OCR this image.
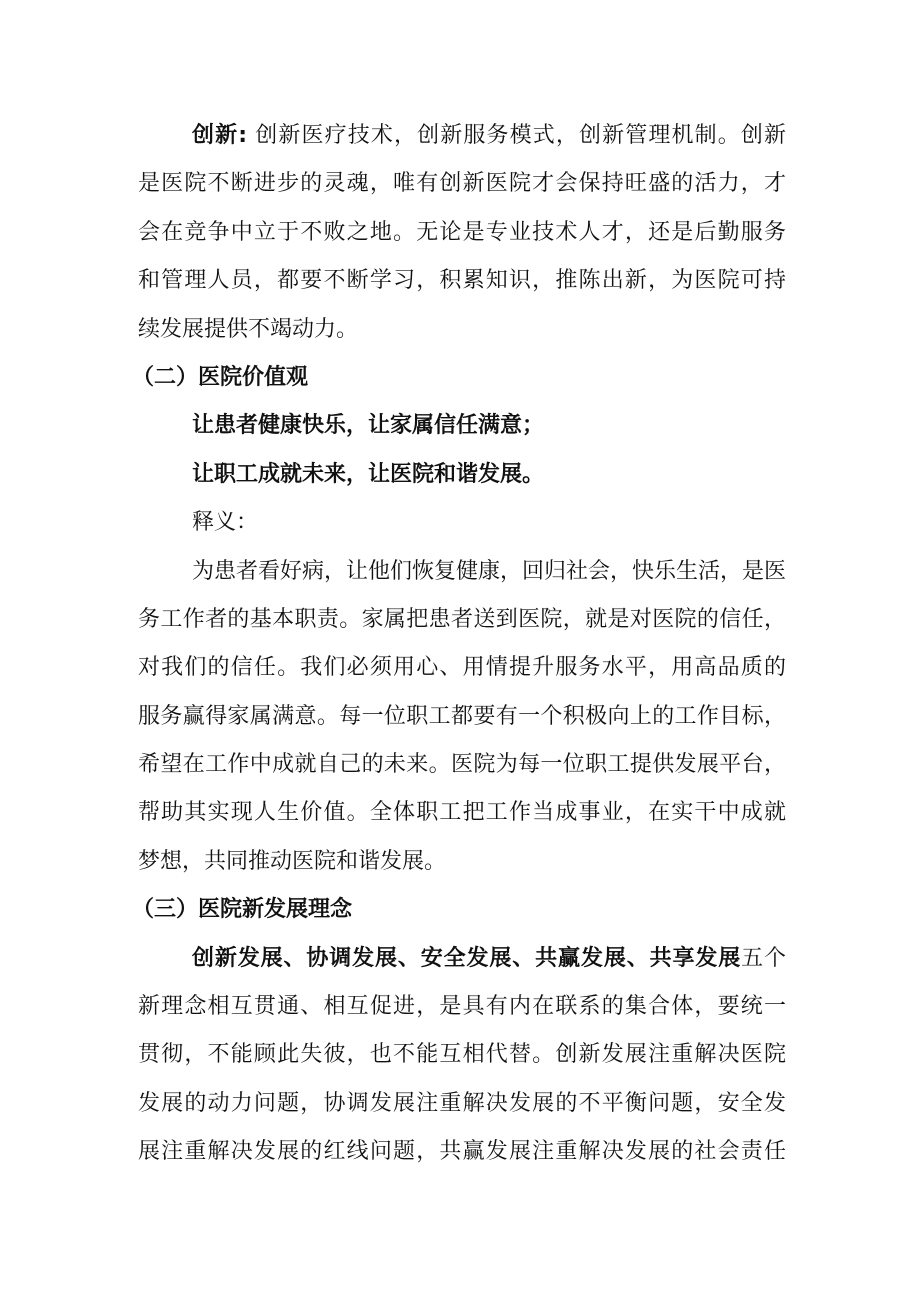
创新: 创新医疗技术，创新服务模式，创新管理机制。创新
是医院不断进步的灵魂，唯有创新医院才会保持旺盛的活力，才
会在竞争中立于不败之地。无论是专业技术人才，还是后勤服务
和管理人员，都要不断学习，积累知识，推陈出新，为医院可持
续发展提供不竭动力。
（二）医院价值观
让患者健康快乐，让家属信任满意；
让职工成就未来，让医院和谐发展。
释义：
为患者看好病，让他们恢复健康，回归社会，快乐生活，是医
务工作者的基本职责。家属把患者送到医院，就是对医院的信任，
对我们的信任。我们必须用心、用情提升服务水平，用高品质的
服务赢得家属满意。每一位职工都要有一个积极向上的工作目标，
希望在工作中成就自己的未来。医院为每一位职工提供发展平台，
帮助其实现人生价值。全体职工把工作当成事业，在实干中成就
梦想，共同推动医院和谐发展。
（三）医院新发展理念
创新发展、协调发展、安全发展、共赢发展、共享发展五个
新理念相互贯通、相互促进，是具有内在联系的集合体，要统一
贯彻，不能顾此失彼，也不能互相代替。创新发展注重解决医院
发展的动力问题，协调发展注重解决发展的不平衡问题，安全发
展注重解决发展的红线问题，共赢发展注重解决发展的社会责任
